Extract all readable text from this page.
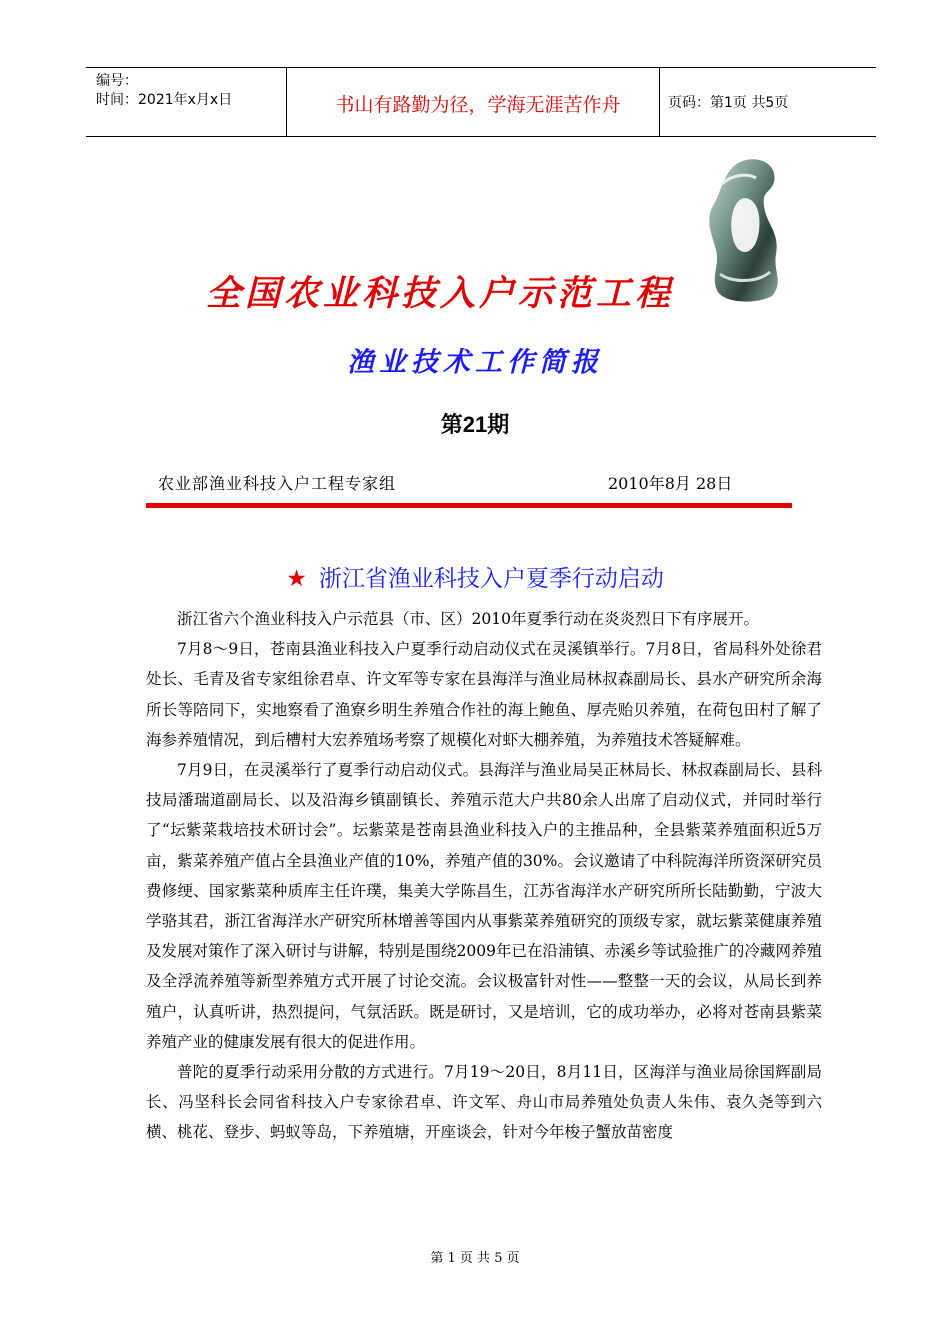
编号：
时间：2021年x月x日	书山有路勤为径，学海无涯苦作舟	页码：第1页 共5页
全国农业科技入户示范工程
渔业技术工作简报
第21期
农业部渔业科技入户工程专家组	2010年8月 28日
★ 浙江省渔业科技入户夏季行动启动

浙江省六个渔业科技入户示范县（市、区）2010年夏季行动在炎炎烈日下有序展开。

7月8～9日，苍南县渔业科技入户夏季行动启动仪式在灵溪镇举行。7月8日，省局科外处徐君处长、毛青及省专家组徐君卓、许文军等专家在县海洋与渔业局林叔森副局长、县水产研究所余海所长等陪同下，实地察看了渔寮乡明生养殖合作社的海上鲍鱼、厚壳贻贝养殖，在荷包田村了解了海参养殖情况，到后槽村大宏养殖场考察了规模化对虾大棚养殖，为养殖技术答疑解难。

7月9日，在灵溪举行了夏季行动启动仪式。县海洋与渔业局吴正林局长、林叔森副局长、县科技局潘瑞道副局长、以及沿海乡镇副镇长、养殖示范大户共80余人出席了启动仪式，并同时举行了“坛紫菜栽培技术研讨会”。坛紫菜是苍南县渔业科技入户的主推品种，全县紫菜养殖面积近5万亩，紫菜养殖产值占全县渔业产值的10%，养殖产值的30%。会议邀请了中科院海洋所资深研究员费修绠、国家紫菜种质库主任许璞，集美大学陈昌生，江苏省海洋水产研究所所长陆勤勤，宁波大学骆其君，浙江省海洋水产研究所林增善等国内从事紫菜养殖研究的顶级专家，就坛紫菜健康养殖及发展对策作了深入研讨与讲解，特别是围绕2009年已在沿浦镇、赤溪乡等试验推广的冷藏网养殖及全浮流养殖等新型养殖方式开展了讨论交流。会议极富针对性——整整一天的会议，从局长到养殖户，认真听讲，热烈提问，气氛活跃。既是研讨，又是培训，它的成功举办，必将对苍南县紫菜养殖产业的健康发展有很大的促进作用。

普陀的夏季行动采用分散的方式进行。7月19～20日，8月11日，区海洋与渔业局徐国辉副局长、冯坚科长会同省科技入户专家徐君卓、许文军、舟山市局养殖处负责人朱伟、袁久尧等到六横、桃花、登步、蚂蚁等岛，下养殖塘，开座谈会，针对今年梭子蟹放苗密度

第 1 页 共 5 页
